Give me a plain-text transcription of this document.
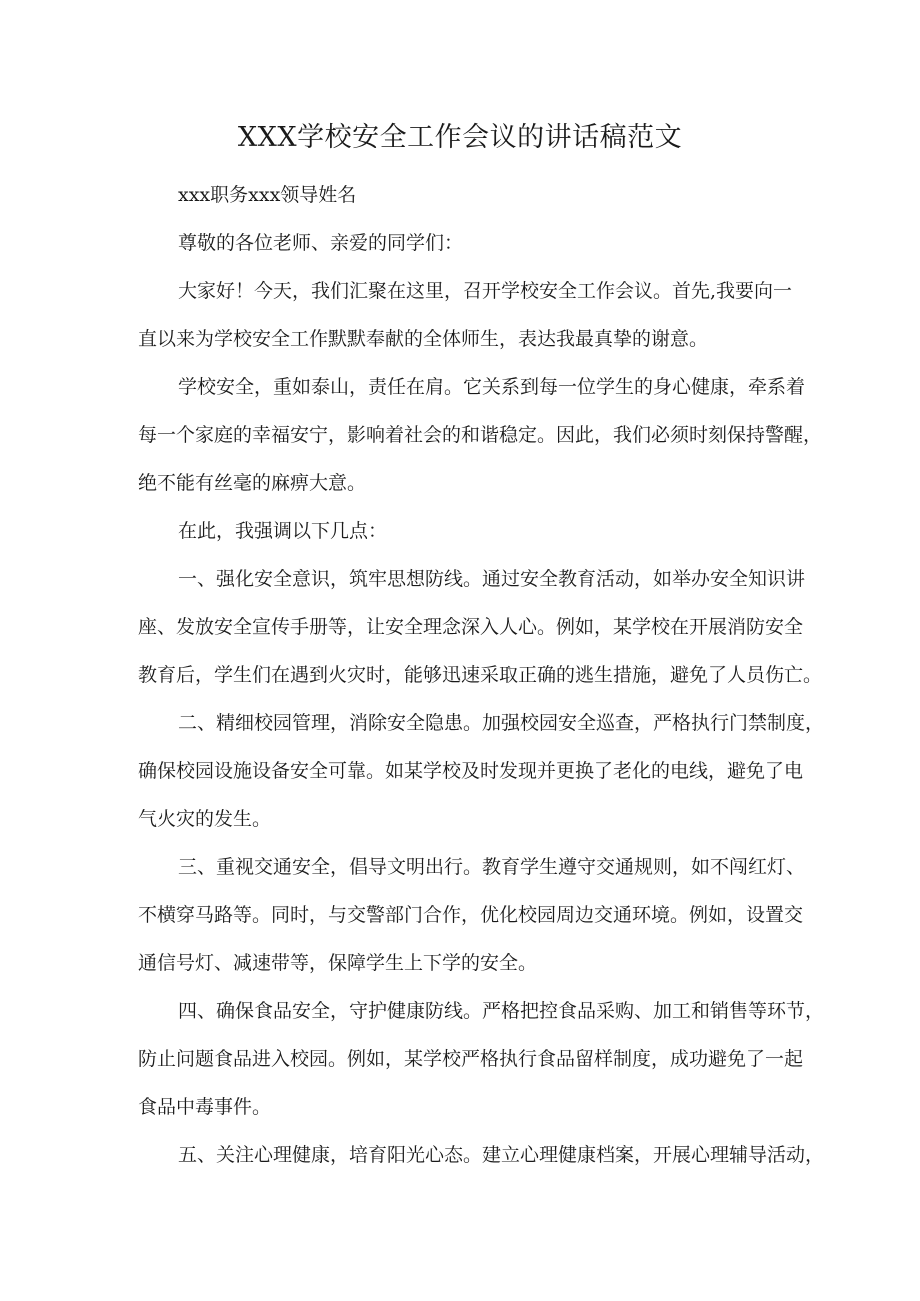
XXX学校安全工作会议的讲话稿范文

xxx职务xxx领导姓名

尊敬的各位老师、亲爱的同学们：

大家好！今天，我们汇聚在这里，召开学校安全工作会议。首先,我要向一
直以来为学校安全工作默默奉献的全体师生，表达我最真挚的谢意。

学校安全，重如泰山，责任在肩。它关系到每一位学生的身心健康，牵系着
每一个家庭的幸福安宁，影响着社会的和谐稳定。因此，我们必须时刻保持警醒，
绝不能有丝毫的麻痹大意。

在此，我强调以下几点：

一、强化安全意识，筑牢思想防线。通过安全教育活动，如举办安全知识讲
座、发放安全宣传手册等，让安全理念深入人心。例如，某学校在开展消防安全
教育后，学生们在遇到火灾时，能够迅速采取正确的逃生措施，避免了人员伤亡。

二、精细校园管理，消除安全隐患。加强校园安全巡查，严格执行门禁制度，
确保校园设施设备安全可靠。如某学校及时发现并更换了老化的电线，避免了电
气火灾的发生。

三、重视交通安全，倡导文明出行。教育学生遵守交通规则，如不闯红灯、
不横穿马路等。同时，与交警部门合作，优化校园周边交通环境。例如，设置交
通信号灯、减速带等，保障学生上下学的安全。

四、确保食品安全，守护健康防线。严格把控食品采购、加工和销售等环节，
防止问题食品进入校园。例如，某学校严格执行食品留样制度，成功避免了一起
食品中毒事件。

五、关注心理健康，培育阳光心态。建立心理健康档案，开展心理辅导活动，
